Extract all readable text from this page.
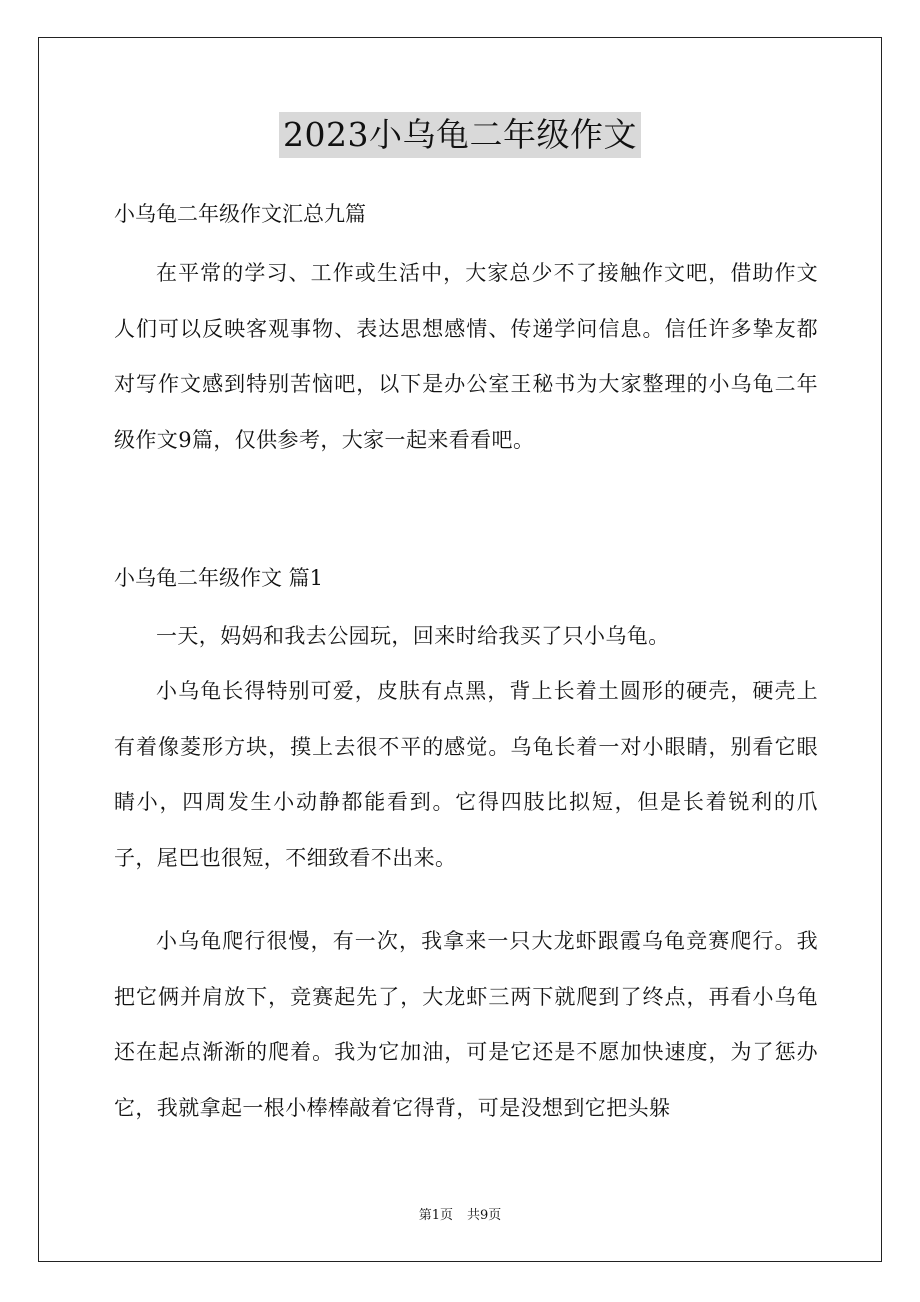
2023小乌龟二年级作文
小乌龟二年级作文汇总九篇

在平常的学习、工作或生活中，大家总少不了接触作文吧，借助作文人们可以反映客观事物、表达思想感情、传递学问信息。信任许多挚友都对写作文感到特别苦恼吧，以下是办公室王秘书为大家整理的小乌龟二年级作文9篇，仅供参考，大家一起来看看吧。

小乌龟二年级作文 篇1

一天，妈妈和我去公园玩，回来时给我买了只小乌龟。

小乌龟长得特别可爱，皮肤有点黑，背上长着土圆形的硬壳，硬壳上有着像菱形方块，摸上去很不平的感觉。乌龟长着一对小眼睛，别看它眼睛小，四周发生小动静都能看到。它得四肢比拟短，但是长着锐利的爪子，尾巴也很短，不细致看不出来。

小乌龟爬行很慢，有一次，我拿来一只大龙虾跟霞乌龟竞赛爬行。我把它俩并肩放下，竞赛起先了，大龙虾三两下就爬到了终点，再看小乌龟还在起点渐渐的爬着。我为它加油，可是它还是不愿加快速度，为了惩办它，我就拿起一根小棒棒敲着它得背，可是没想到它把头躲

第1页 共9页
